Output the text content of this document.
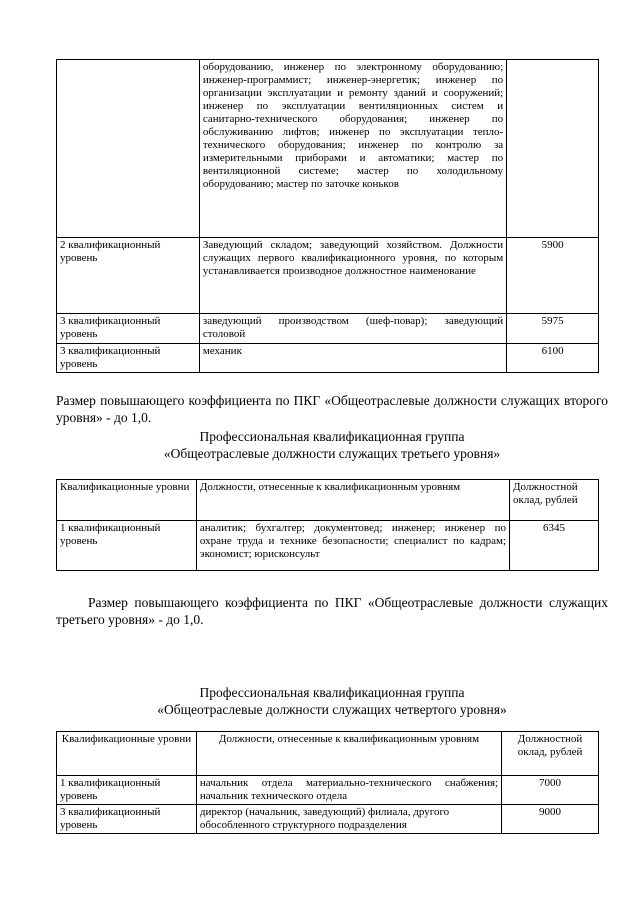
	оборудованию, инженер по электронному оборудованию; инженер-программист; инженер-энергетик; инженер по организации эксплуатации и ремонту зданий и сооружений; инженер по эксплуатации вентиляционных систем и санитарно-технического оборудования; инженер по обслуживанию лифтов; инженер по эксплуатации тепло-технического оборудования; инженер по контролю за измерительными приборами и автоматики; мастер по вентиляционной системе; мастер по холодильному оборудованию; мастер по заточке коньков	
2 квалификационный уровень	Заведующий складом; заведующий хозяйством. Должности служащих первого квалификационного уровня, по которым устанавливается производное должностное наименование	5900
3 квалификационный уровень	заведующий производством (шеф-повар); заведующий столовой	5975
3 квалификационный уровень	механик	6100
Размер повышающего коэффициента по ПКГ «Общеотраслевые должности служащих второго уровня» - до 1,0.
Профессиональная квалификационная группа
«Общеотраслевые должности служащих третьего уровня»
Квалификационные уровни	Должности, отнесенные к квалификационным уровням	Должностной оклад, рублей
1 квалификационный уровень	аналитик; бухгалтер; документовед; инженер; инженер по охране труда и технике безопасности; специалист по кадрам; экономист; юрисконсульт	6345
Размер повышающего коэффициента по ПКГ «Общеотраслевые должности служащих третьего уровня» - до 1,0.
Профессиональная квалификационная группа
«Общеотраслевые должности служащих четвертого уровня»
Квалификационные уровни	Должности, отнесенные к квалификационным уровням	Должностной оклад, рублей
1 квалификационный уровень	начальник отдела материально-технического снабжения; начальник технического отдела	7000
3 квалификационный уровень	директор (начальник, заведующий) филиала, другого обособленного структурного подразделения	9000
